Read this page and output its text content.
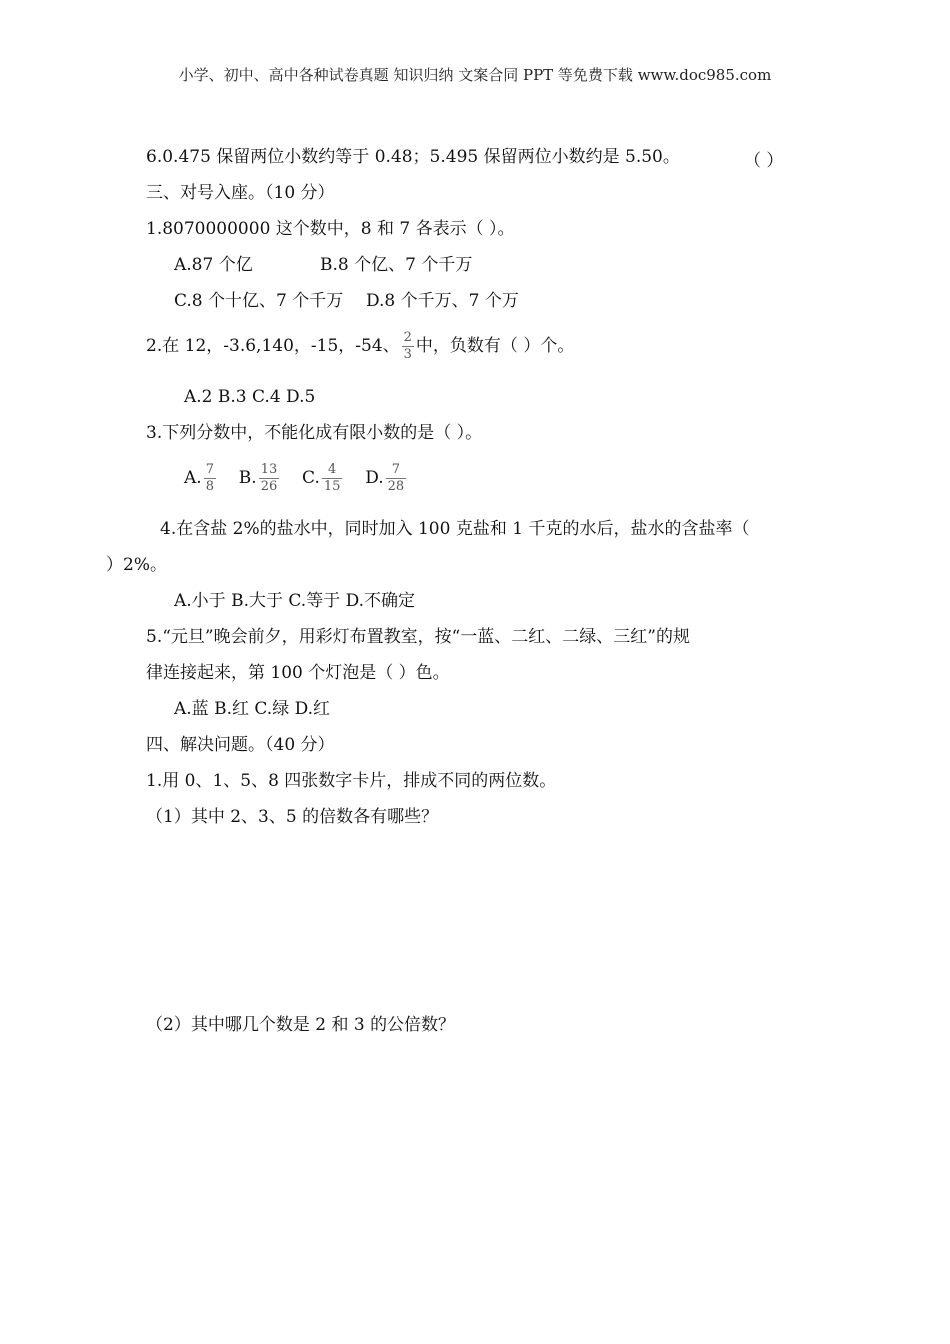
小学、初中、高中各种试卷真题 知识归纳 文案合同 PPT 等免费下载 www.doc985.com
6.0.475 保留两位小数约等于 0.48；5.495 保留两位小数约是 5.50。	（ ）
三、对号入座。（10 分）
1.8070000000 这个数中，8 和 7 各表示（ ）。
A.87 个亿	B.8 个亿、7 个千万
C.8 个十亿、7 个千万 D.8 个千万、7 个万
2.在 12，-3.6,140，-15，-54、 $\frac{2}{3}$ 中，负数有（ ）个。
A.2 B.3 C.4 D.5
3.下列分数中，不能化成有限小数的是（ ）。
A. $\frac{7}{8} B$. $\frac{13}{26} C$. $\frac{4}{15} D$. $\frac{7}{28}$
4.在含盐 2%的盐水中，同时加入 100 克盐和 1 千克的水后，盐水的含盐率（
）2%。
A.小于 B.大于 C.等于 D.不确定
5.“元旦”晚会前夕，用彩灯布置教室，按“一蓝、二红、二绿、三红”的规
律连接起来，第 100 个灯泡是（ ）色。
A.蓝 B.红 C.绿 D.红
四、解决问题。（40 分）
1.用 0、1、5、8 四张数字卡片，排成不同的两位数。
（1）其中 2、3、5 的倍数各有哪些？
（2）其中哪几个数是 2 和 3 的公倍数？
